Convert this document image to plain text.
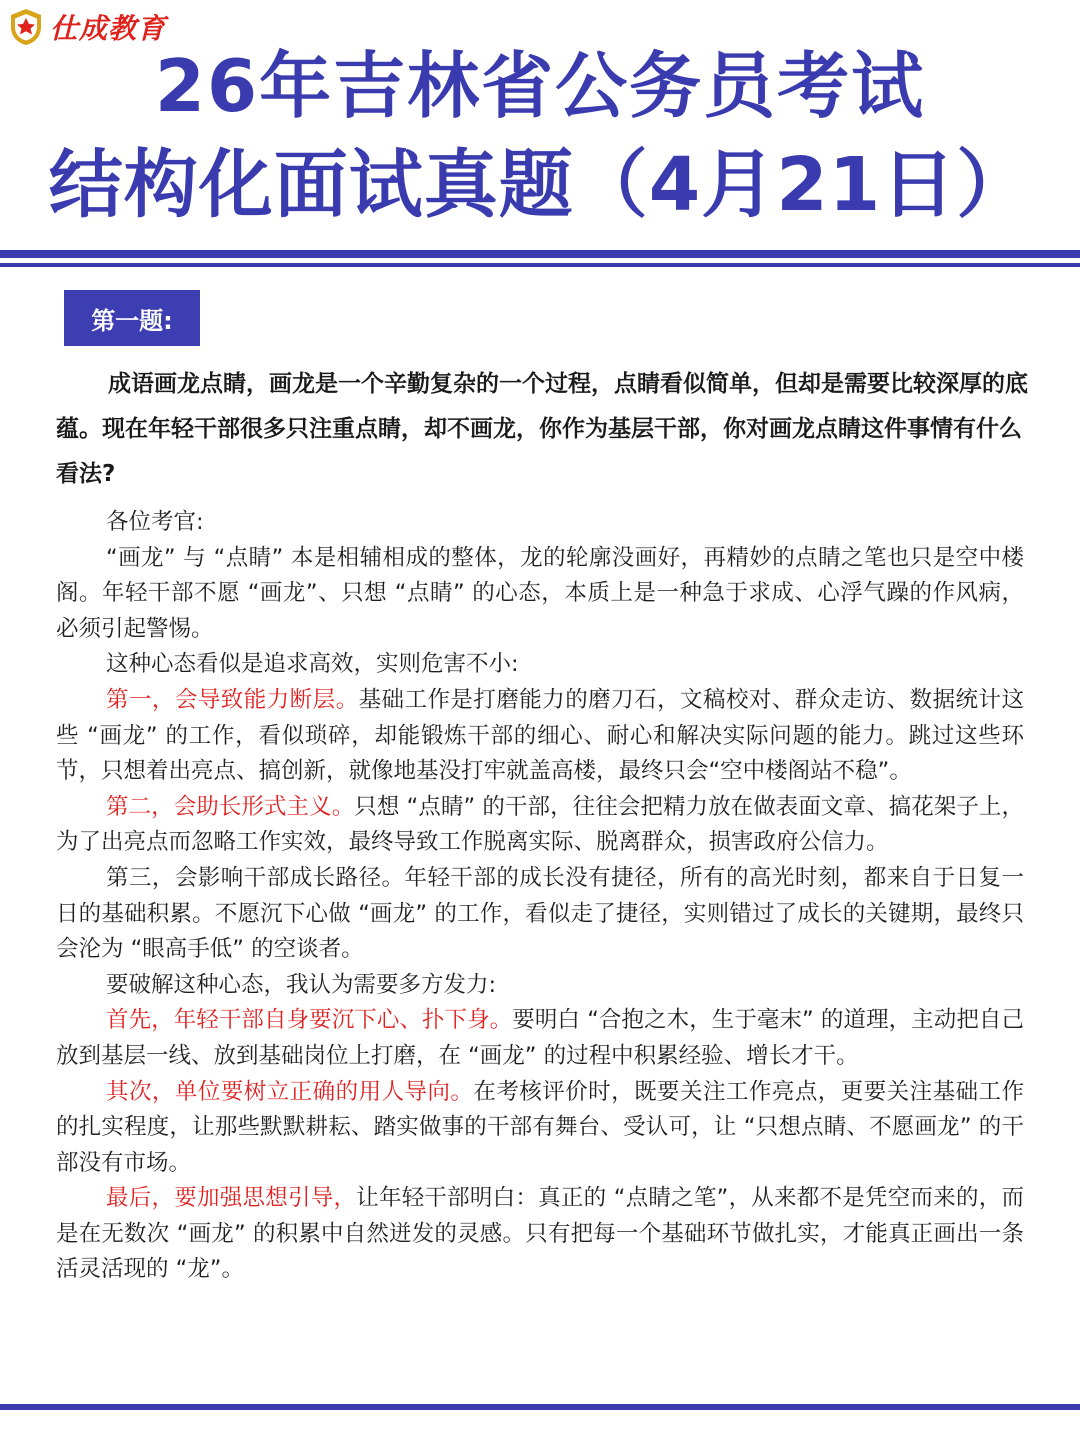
仕成教育
26年吉林省公务员考试
结构化面试真题（4月21日）
第一题:

成语画龙点睛，画龙是一个辛勤复杂的一个过程，点睛看似简单，但却是需要比较深厚的底蕴。现在年轻干部很多只注重点睛，却不画龙，你作为基层干部，你对画龙点睛这件事情有什么看法?

各位考官:

“画龙” 与 “点睛” 本是相辅相成的整体，龙的轮廓没画好，再精妙的点睛之笔也只是空中楼阁。年轻干部不愿 “画龙”、只想 “点睛” 的心态，本质上是一种急于求成、心浮气躁的作风病，必须引起警惕。

这种心态看似是追求高效，实则危害不小:

第一，会导致能力断层。基础工作是打磨能力的磨刀石，文稿校对、群众走访、数据统计这些 “画龙” 的工作，看似琐碎，却能锻炼干部的细心、耐心和解决实际问题的能力。跳过这些环节，只想着出亮点、搞创新，就像地基没打牢就盖高楼，最终只会“空中楼阁站不稳”。

第二，会助长形式主义。只想 “点睛” 的干部，往往会把精力放在做表面文章、搞花架子上，为了出亮点而忽略工作实效，最终导致工作脱离实际、脱离群众，损害政府公信力。

第三，会影响干部成长路径。年轻干部的成长没有捷径，所有的高光时刻，都来自于日复一日的基础积累。不愿沉下心做 “画龙” 的工作，看似走了捷径，实则错过了成长的关键期，最终只会沦为 “眼高手低” 的空谈者。

要破解这种心态，我认为需要多方发力:

首先，年轻干部自身要沉下心、扑下身。要明白 “合抱之木，生于毫末” 的道理，主动把自己放到基层一线、放到基础岗位上打磨，在 “画龙” 的过程中积累经验、增长才干。

其次，单位要树立正确的用人导向。在考核评价时，既要关注工作亮点，更要关注基础工作的扎实程度，让那些默默耕耘、踏实做事的干部有舞台、受认可，让 “只想点睛、不愿画龙” 的干部没有市场。

最后，要加强思想引导，让年轻干部明白：真正的 “点睛之笔”，从来都不是凭空而来的，而是在无数次 “画龙” 的积累中自然迸发的灵感。只有把每一个基础环节做扎实，才能真正画出一条活灵活现的 “龙”。
